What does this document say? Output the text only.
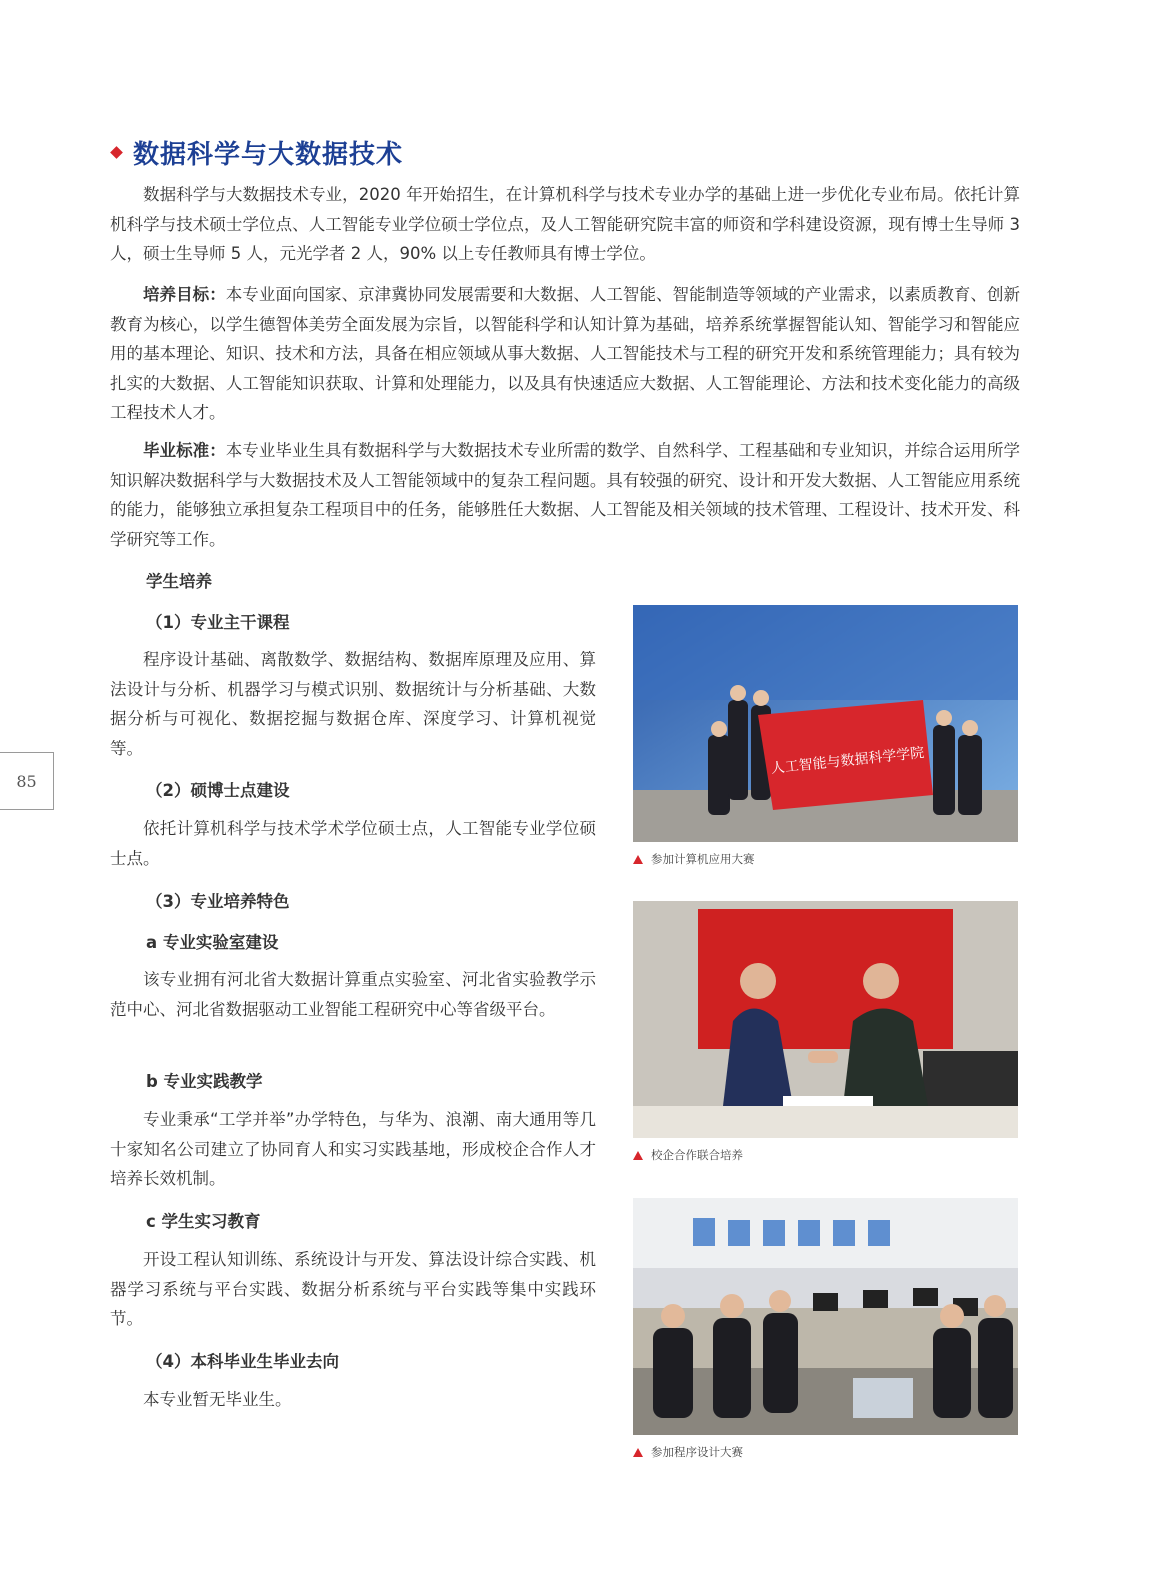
85
数据科学与大数据技术

数据科学与大数据技术专业，2020 年开始招生，在计算机科学与技术专业办学的基础上进一步优化专业布局。依托计算机科学与技术硕士学位点、人工智能专业学位硕士学位点，及人工智能研究院丰富的师资和学科建设资源，现有博士生导师 3 人，硕士生导师 5 人，元光学者 2 人，90% 以上专任教师具有博士学位。

培养目标：本专业面向国家、京津冀协同发展需要和大数据、人工智能、智能制造等领域的产业需求，以素质教育、创新教育为核心，以学生德智体美劳全面发展为宗旨，以智能科学和认知计算为基础，培养系统掌握智能认知、智能学习和智能应用的基本理论、知识、技术和方法，具备在相应领域从事大数据、人工智能技术与工程的研究开发和系统管理能力；具有较为扎实的大数据、人工智能知识获取、计算和处理能力，以及具有快速适应大数据、人工智能理论、方法和技术变化能力的高级工程技术人才。

毕业标准：本专业毕业生具有数据科学与大数据技术专业所需的数学、自然科学、工程基础和专业知识，并综合运用所学知识解决数据科学与大数据技术及人工智能领域中的复杂工程问题。具有较强的研究、设计和开发大数据、人工智能应用系统的能力，能够独立承担复杂工程项目中的任务，能够胜任大数据、人工智能及相关领域的技术管理、工程设计、技术开发、科学研究等工作。

学生培养
（1）专业主干课程

程序设计基础、离散数学、数据结构、数据库原理及应用、算法设计与分析、机器学习与模式识别、数据统计与分析基础、大数据分析与可视化、数据挖掘与数据仓库、深度学习、计算机视觉等。

（2）硕博士点建设

依托计算机科学与技术学术学位硕士点，人工智能专业学位硕士点。

（3）专业培养特色
a 专业实验室建设

该专业拥有河北省大数据计算重点实验室、河北省实验教学示范中心、河北省数据驱动工业智能工程研究中心等省级平台。

b 专业实践教学

专业秉承“工学并举”办学特色，与华为、浪潮、南大通用等几十家知名公司建立了协同育人和实习实践基地，形成校企合作人才培养长效机制。

c 学生实习教育

开设工程认知训练、系统设计与开发、算法设计综合实践、机器学习系统与平台实践、数据分析系统与平台实践等集中实践环节。

（4）本科毕业生毕业去向

本专业暂无毕业生。

人工智能与数据科学学院
参加计算机应用大赛
校企合作联合培养
参加程序设计大赛
